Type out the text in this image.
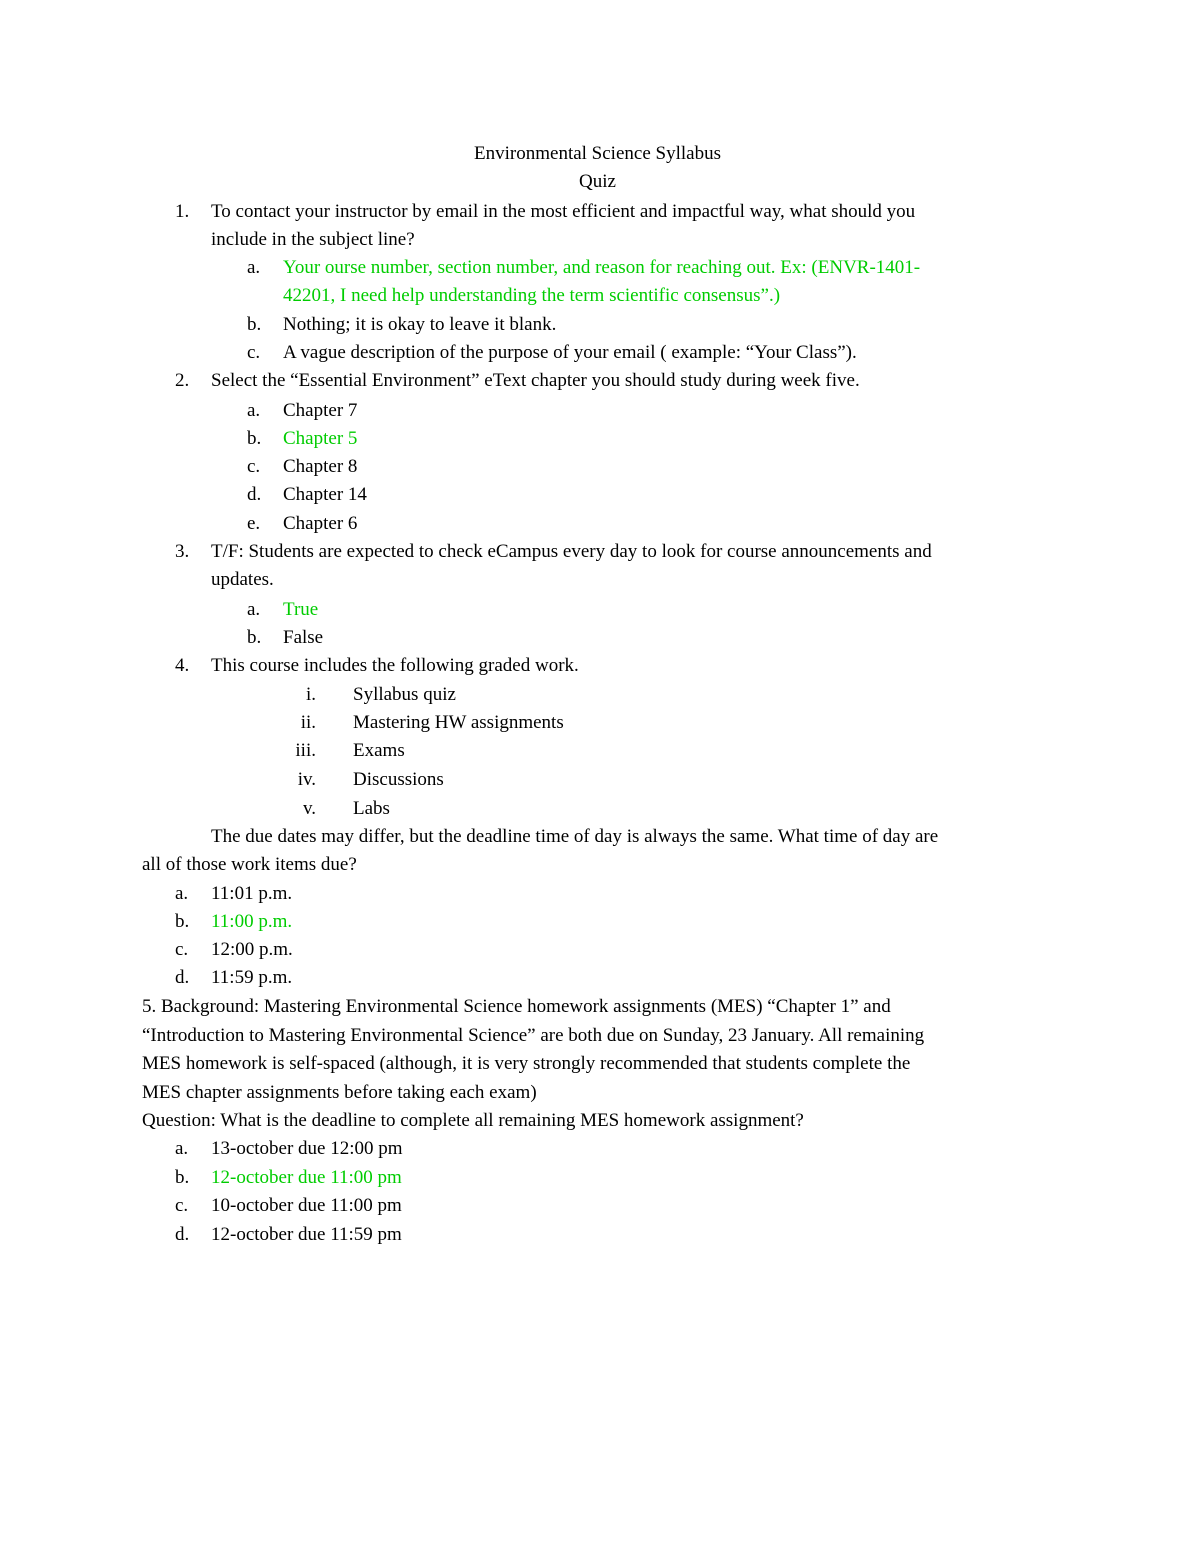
Environmental Science Syllabus
Quiz
1. To contact your instructor by email in the most efficient and impactful way, what should you
include in the subject line?
a. Your ourse number, section number, and reason for reaching out. Ex: (ENVR-1401-
42201, I need help understanding the term scientific consensus”.)
b. Nothing; it is okay to leave it blank.
c. A vague description of the purpose of your email ( example: “Your Class”).
2. Select the “Essential Environment” eText chapter you should study during week five.
a. Chapter 7
b. Chapter 5
c. Chapter 8
d. Chapter 14
e. Chapter 6
3. T/F: Students are expected to check eCampus every day to look for course announcements and
updates.
a. True
b. False
4. This course includes the following graded work.
i. Syllabus quiz
ii. Mastering HW assignments
iii. Exams
iv. Discussions
v. Labs
The due dates may differ, but the deadline time of day is always the same. What time of day are
all of those work items due?
a. 11:01 p.m.
b. 11:00 p.m.
c. 12:00 p.m.
d. 11:59 p.m.
5. Background: Mastering Environmental Science homework assignments (MES) “Chapter 1” and
“Introduction to Mastering Environmental Science” are both due on Sunday, 23 January. All remaining
MES homework is self-spaced (although, it is very strongly recommended that students complete the
MES chapter assignments before taking each exam)
Question: What is the deadline to complete all remaining MES homework assignment?
a. 13-october due 12:00 pm
b. 12-october due 11:00 pm
c. 10-october due 11:00 pm
d. 12-october due 11:59 pm
